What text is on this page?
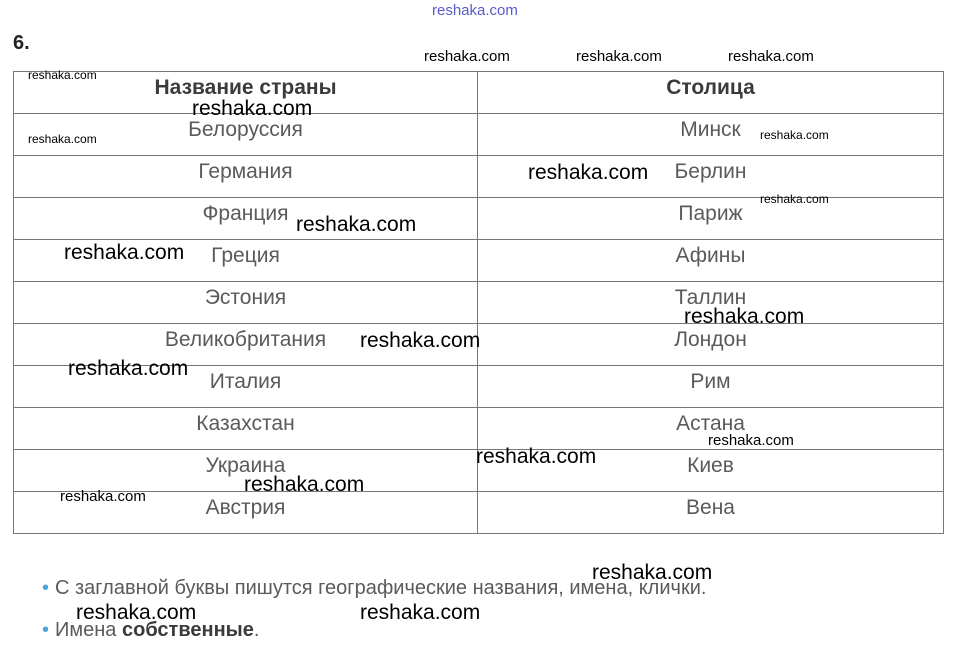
6.
Название страны	Столица
Белоруссия	Минск
Германия	Берлин
Франция	Париж
Греция	Афины
Эстония	Таллин
Великобритания	Лондон
Италия	Рим
Казахстан	Астана
Украина	Киев
Австрия	Вена
• С заглавной буквы пишутся географические названия, имена, клички.
• Имена собственные.
reshaka.com
reshaka.com	reshaka.com	reshaka.com
reshaka.com
reshaka.com
reshaka.com	reshaka.com
reshaka.com
reshaka.com
reshaka.com
reshaka.com
reshaka.com
reshaka.com
reshaka.com
reshaka.com
reshaka.com
reshaka.com
reshaka.com
reshaka.com
reshaka.com	reshaka.com
